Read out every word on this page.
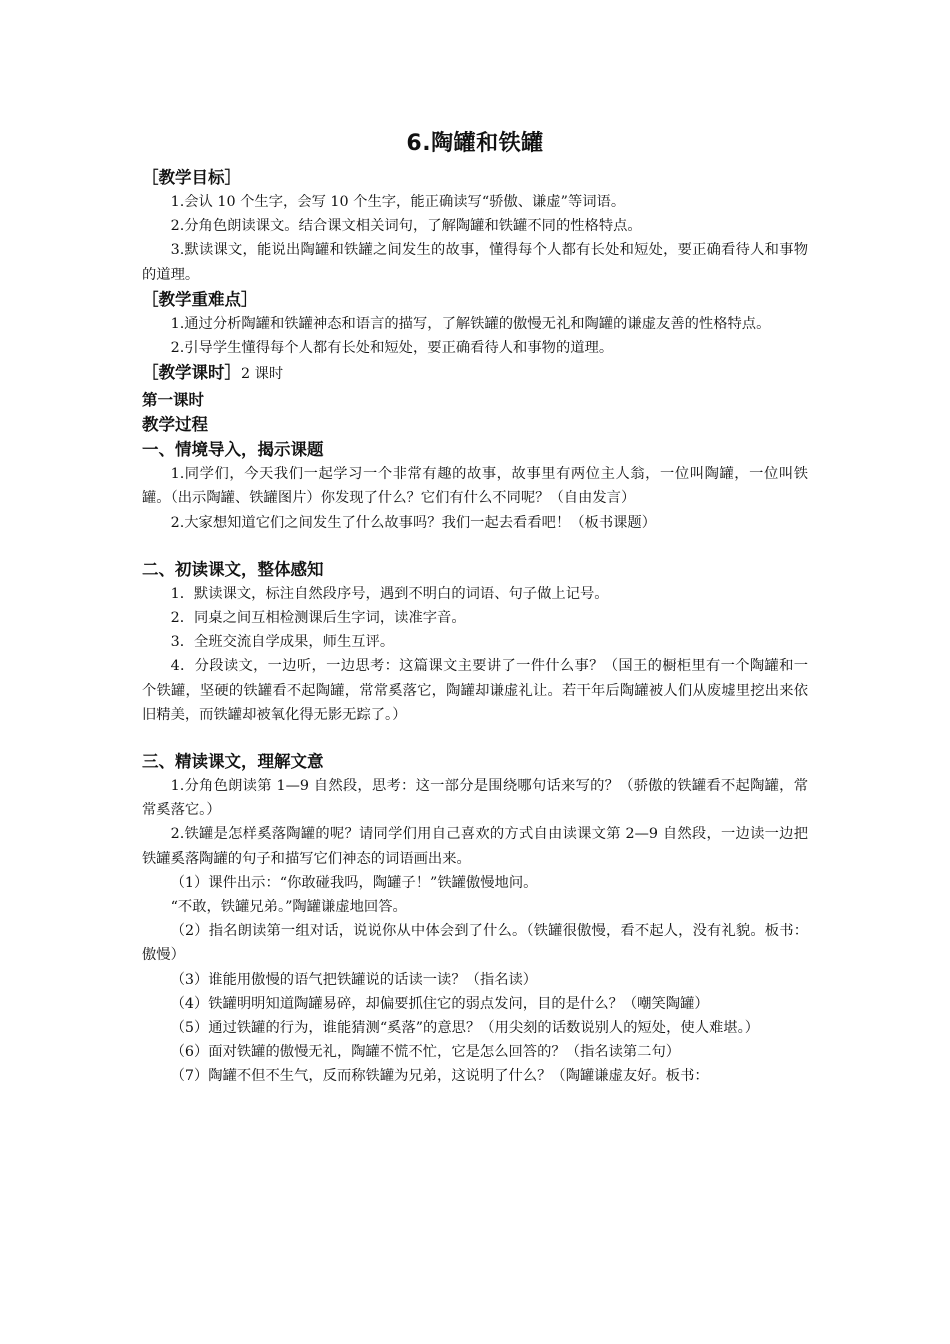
6.陶罐和铁罐

［教学目标］

1.会认 10 个生字，会写 10 个生字，能正确读写“骄傲、谦虚”等词语。

2.分角色朗读课文。结合课文相关词句，了解陶罐和铁罐不同的性格特点。

3.默读课文，能说出陶罐和铁罐之间发生的故事，懂得每个人都有长处和短处，要正确看待人和事物的道理。

［教学重难点］

1.通过分析陶罐和铁罐神态和语言的描写，了解铁罐的傲慢无礼和陶罐的谦虚友善的性格特点。

2.引导学生懂得每个人都有长处和短处，要正确看待人和事物的道理。

［教学课时］2 课时

第一课时

教学过程

一、情境导入，揭示课题

1.同学们，今天我们一起学习一个非常有趣的故事，故事里有两位主人翁，一位叫陶罐，一位叫铁罐。（出示陶罐、铁罐图片）你发现了什么？它们有什么不同呢？（自由发言）

2.大家想知道它们之间发生了什么故事吗？我们一起去看看吧！（板书课题）

二、初读课文，整体感知

1．默读课文，标注自然段序号，遇到不明白的词语、句子做上记号。

2．同桌之间互相检测课后生字词，读准字音。

3．全班交流自学成果，师生互评。

4．分段读文，一边听，一边思考：这篇课文主要讲了一件什么事？（国王的橱柜里有一个陶罐和一个铁罐，坚硬的铁罐看不起陶罐，常常奚落它，陶罐却谦虚礼让。若干年后陶罐被人们从废墟里挖出来依旧精美，而铁罐却被氧化得无影无踪了。）

三、精读课文，理解文意

1.分角色朗读第 1—9 自然段，思考：这一部分是围绕哪句话来写的？（骄傲的铁罐看不起陶罐，常常奚落它。）

2.铁罐是怎样奚落陶罐的呢？请同学们用自己喜欢的方式自由读课文第 2—9 自然段，一边读一边把铁罐奚落陶罐的句子和描写它们神态的词语画出来。

（1）课件出示：“你敢碰我吗，陶罐子！”铁罐傲慢地问。

“不敢，铁罐兄弟。”陶罐谦虚地回答。

（2）指名朗读第一组对话，说说你从中体会到了什么。（铁罐很傲慢，看不起人，没有礼貌。板书：傲慢）

（3）谁能用傲慢的语气把铁罐说的话读一读？（指名读）

（4）铁罐明明知道陶罐易碎，却偏要抓住它的弱点发问，目的是什么？（嘲笑陶罐）

（5）通过铁罐的行为，谁能猜测“奚落”的意思？（用尖刻的话数说别人的短处，使人难堪。）

（6）面对铁罐的傲慢无礼，陶罐不慌不忙，它是怎么回答的？（指名读第二句）

（7）陶罐不但不生气，反而称铁罐为兄弟，这说明了什么？（陶罐谦虚友好。板书：
